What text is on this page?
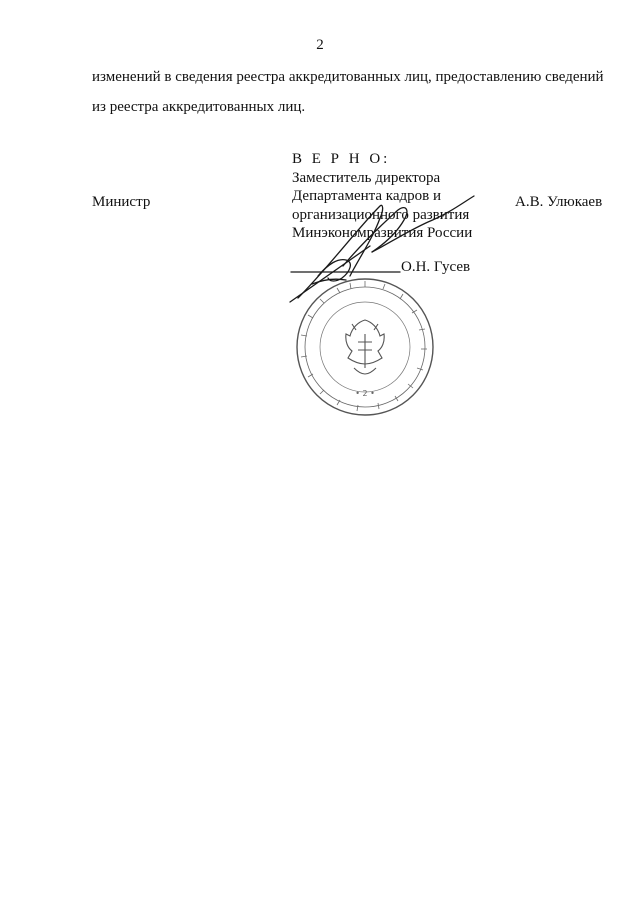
2
изменений в сведения реестра аккредитованных лиц, предоставлению сведений
из реестра аккредитованных лиц.
Министр	А.В. Улюкаев
В Е Р Н О:
Заместитель директора
Департамента кадров и
организационного развития
Минэкономразвития России
• 2 •
О.Н. Гусев
